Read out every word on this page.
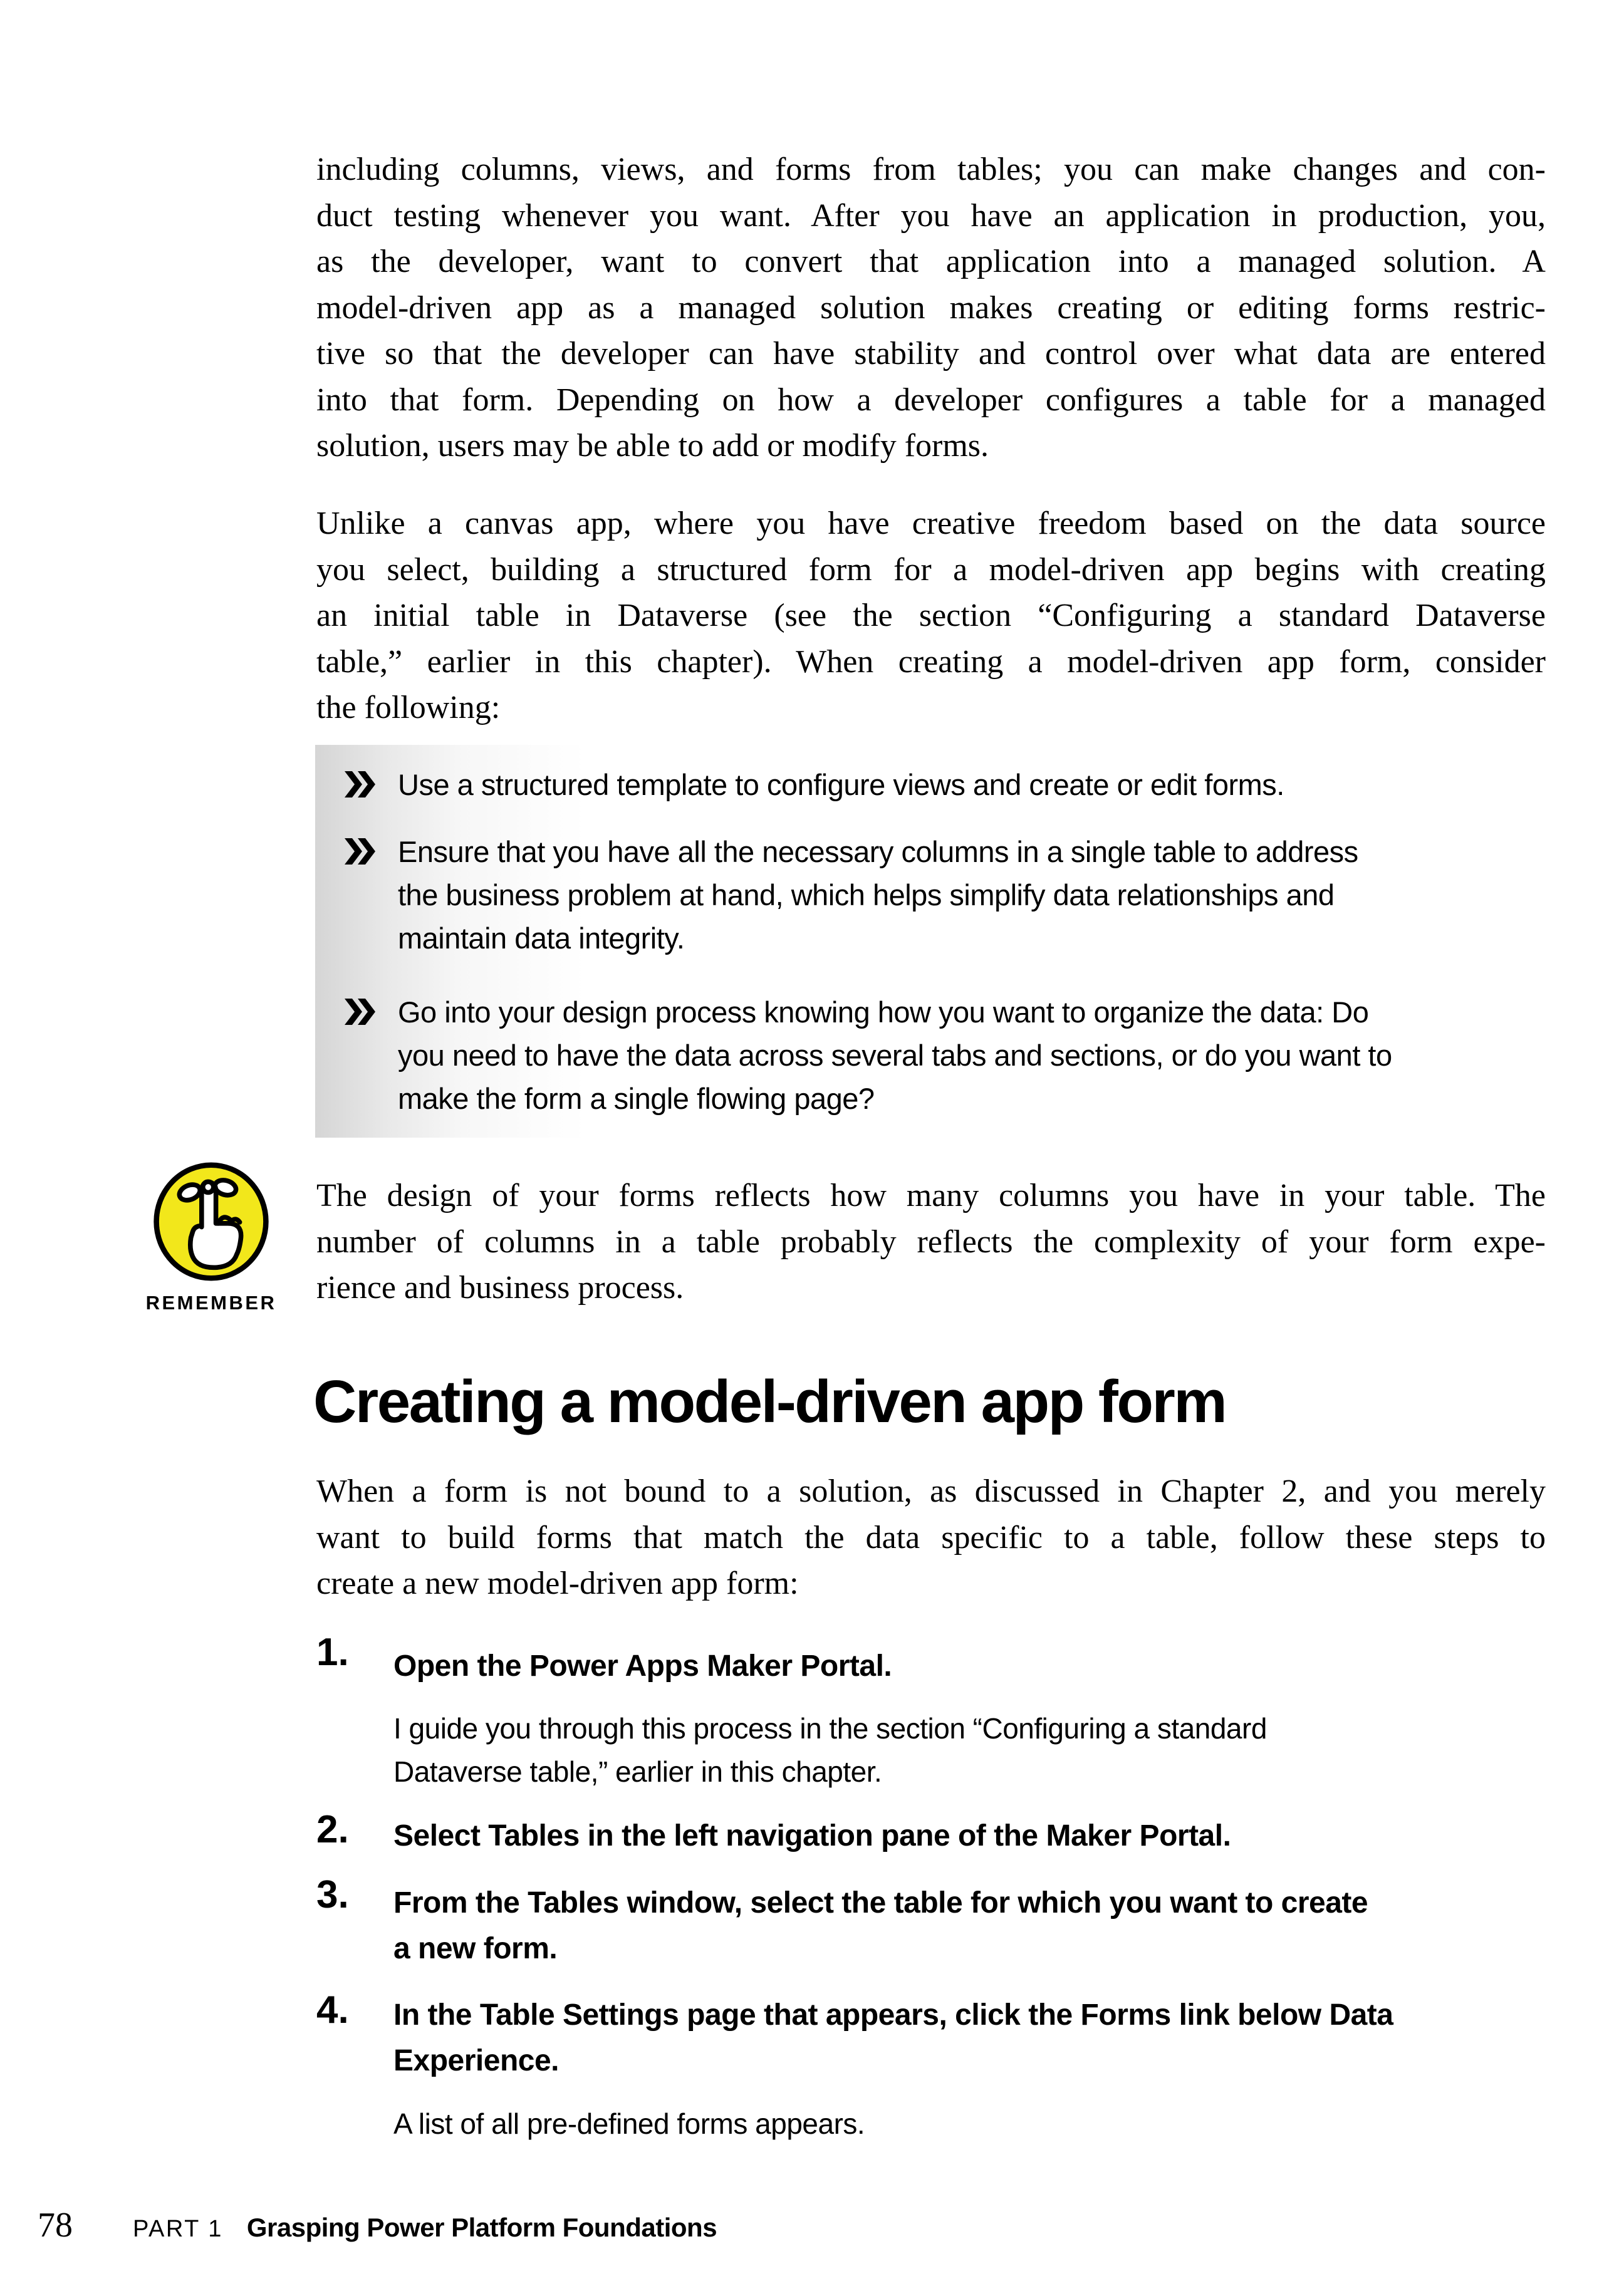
including columns, views, and forms from tables; you can make changes and con-
duct testing whenever you want. After you have an application in production, you,
as the developer, want to convert that application into a managed solution. A
model-driven app as a managed solution makes creating or editing forms restric-
tive so that the developer can have stability and control over what data are entered
into that form. Depending on how a developer configures a table for a managed
solution, users may be able to add or modify forms.
Unlike a canvas app, where you have creative freedom based on the data source
you select, building a structured form for a model-driven app begins with creating
an initial table in Dataverse (see the section “Configuring a standard Dataverse
table,” earlier in this chapter). When creating a model-driven app form, consider
the following:
Use a structured template to configure views and create or edit forms.
Ensure that you have all the necessary columns in a single table to address
the business problem at hand, which helps simplify data relationships and
maintain data integrity.
Go into your design process knowing how you want to organize the data: Do
you need to have the data across several tabs and sections, or do you want to
make the form a single flowing page?
REMEMBER
The design of your forms reflects how many columns you have in your table. The
number of columns in a table probably reflects the complexity of your form expe-
rience and business process.
Creating a model-driven app form
When a form is not bound to a solution, as discussed in Chapter 2, and you merely
want to build forms that match the data specific to a table, follow these steps to
create a new model-driven app form:
1. Open the Power Apps Maker Portal.
I guide you through this process in the section “Configuring a standard
Dataverse table,” earlier in this chapter.
2. Select Tables in the left navigation pane of the Maker Portal.
3. From the Tables window, select the table for which you want to create
a new form.
4. In the Table Settings page that appears, click the Forms link below Data
Experience.
A list of all pre-defined forms appears.
78	PART 1 Grasping Power Platform Foundations
